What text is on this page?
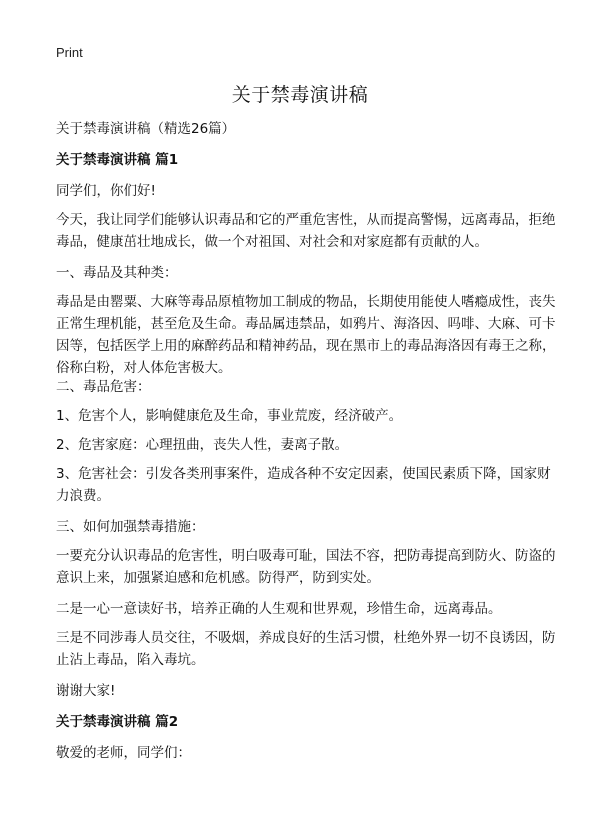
Print
关于禁毒演讲稿

关于禁毒演讲稿（精选26篇）

关于禁毒演讲稿 篇1

同学们，你们好!

今天，我让同学们能够认识毒品和它的严重危害性，从而提高警惕，远离毒品，拒绝毒品，健康茁壮地成长，做一个对祖国、对社会和对家庭都有贡献的人。

一、毒品及其种类：

毒品是由罂粟、大麻等毒品原植物加工制成的物品，长期使用能使人嗜瘾成性，丧失正常生理机能，甚至危及生命。毒品属违禁品，如鸦片、海洛因、吗啡、大麻、可卡因等，包括医学上用的麻醉药品和精神药品，现在黑市上的毒品海洛因有毒王之称，俗称白粉，对人体危害极大。

二、毒品危害：

1、危害个人，影响健康危及生命，事业荒废，经济破产。

2、危害家庭：心理扭曲，丧失人性，妻离子散。

3、危害社会：引发各类刑事案件，造成各种不安定因素，使国民素质下降，国家财力浪费。

三、如何加强禁毒措施：

一要充分认识毒品的危害性，明白吸毒可耻，国法不容，把防毒提高到防火、防盗的意识上来，加强紧迫感和危机感。防得严，防到实处。

二是一心一意读好书，培养正确的人生观和世界观，珍惜生命，远离毒品。

三是不同涉毒人员交往，不吸烟，养成良好的生活习惯，杜绝外界一切不良诱因，防止沾上毒品，陷入毒坑。

谢谢大家!

关于禁毒演讲稿 篇2

敬爱的老师，同学们：
